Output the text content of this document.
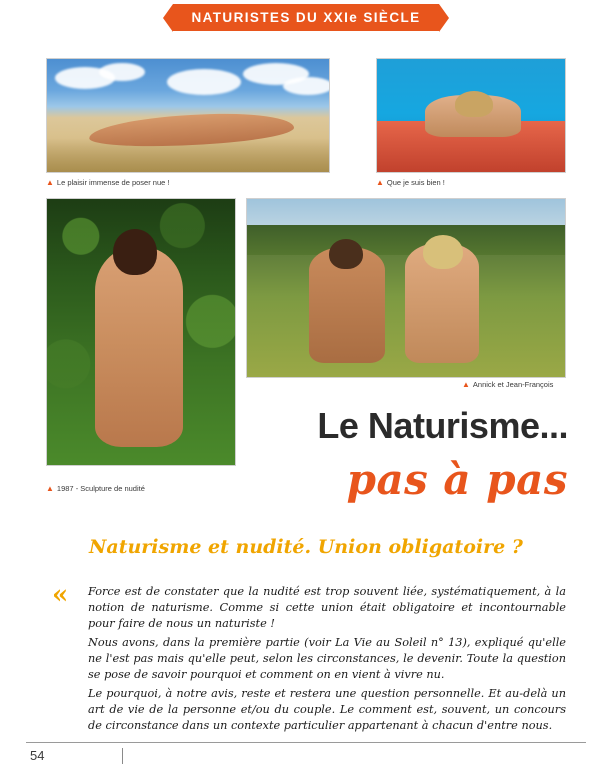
NATURISTES DU XXIe SIÈCLE
▲ Le plaisir immense de poser nue !	▲ Que je suis bien !
▲ 1987 - Sculpture de nudité
▲ Annick et Jean-François
Le Naturisme...
pas à pas
Naturisme et nudité. Union obligatoire ?
« Force est de constater que la nudité est trop souvent liée, systématiquement, à la notion de naturisme. Comme si cette union était obligatoire et incontournable pour faire de nous un naturiste !

Nous avons, dans la première partie (voir La Vie au Soleil n° 13), expliqué qu'elle ne l'est pas mais qu'elle peut, selon les circonstances, le devenir. Toute la question se pose de savoir pourquoi et comment on en vient à vivre nu.

Le pourquoi, à notre avis, reste et restera une question personnelle. Et au-delà un art de vie de la personne et/ou du couple. Le comment est, souvent, un concours de circonstance dans un contexte particulier appartenant à chacun d'entre nous.

54
